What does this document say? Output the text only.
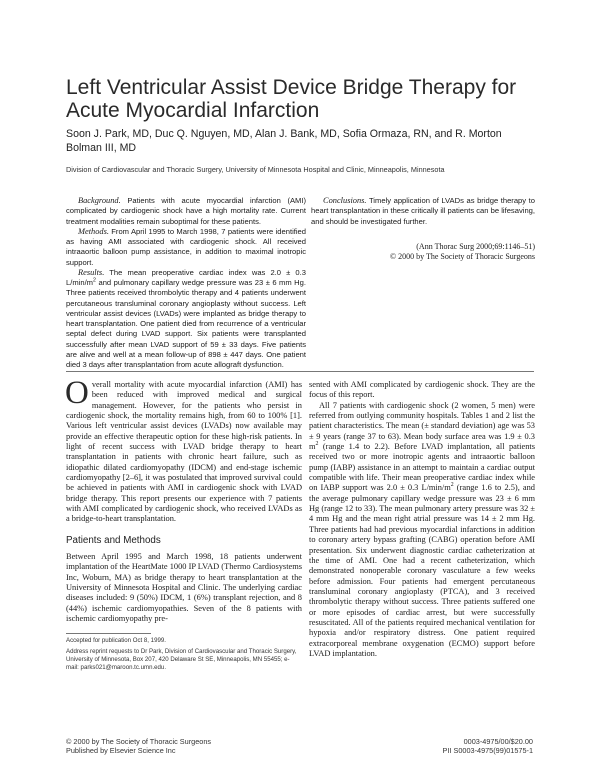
Left Ventricular Assist Device Bridge Therapy for Acute Myocardial Infarction
Soon J. Park, MD, Duc Q. Nguyen, MD, Alan J. Bank, MD, Sofia Ormaza, RN, and R. Morton Bolman III, MD
Division of Cardiovascular and Thoracic Surgery, University of Minnesota Hospital and Clinic, Minneapolis, Minnesota

Background. Patients with acute myocardial infarction (AMI) complicated by cardiogenic shock have a high mortality rate. Current treatment modalities remain suboptimal for these patients.

Methods. From April 1995 to March 1998, 7 patients were identified as having AMI associated with cardiogenic shock. All received intraaortic balloon pump assistance, in addition to maximal inotropic support.

Results. The mean preoperative cardiac index was 2.0 ± 0.3 $L/\min/m^2$ and pulmonary capillary wedge pressure was 23 ± 6 mm Hg. Three patients received thrombolytic therapy and 4 patients underwent percutaneous transluminal coronary angioplasty without success. Left ventricular assist devices (LVADs) were implanted as bridge therapy to heart transplantation. One patient died from recurrence of a ventricular septal defect during LVAD support. Six patients were transplanted successfully after mean LVAD support of 59 ± 33 days. Five patients are alive and well at a mean follow-up of 898 ± 447 days. One patient died 3 days after transplantation from acute allograft dysfunction.

Conclusions. Timely application of LVADs as bridge therapy to heart transplantation in these critically ill patients can be lifesaving, and should be investigated further.

(Ann Thorac Surg 2000;69:1146–51)

© 2000 by The Society of Thoracic Surgeons

Overall mortality with acute myocardial infarction (AMI) has been reduced with improved medical and surgical management. However, for the patients who persist in cardiogenic shock, the mortality remains high, from 60 to 100% [1]. Various left ventricular assist devices (LVADs) now available may provide an effective therapeutic option for these high-risk patients. In light of recent success with LVAD bridge therapy to heart transplantation in patients with chronic heart failure, such as idiopathic dilated cardiomyopathy (IDCM) and end-stage ischemic cardiomyopathy [2–6], it was postulated that improved survival could be achieved in patients with AMI in cardiogenic shock with LVAD bridge therapy. This report presents our experience with 7 patients with AMI complicated by cardiogenic shock, who received LVADs as a bridge-to-heart transplantation.

Patients and Methods

Between April 1995 and March 1998, 18 patients underwent implantation of the HeartMate 1000 IP LVAD (Thermo Cardiosystems Inc, Woburn, MA) as bridge therapy to heart transplantation at the University of Minnesota Hospital and Clinic. The underlying cardiac diseases included: 9 (50%) IDCM, 1 (6%) transplant rejection, and 8 (44%) ischemic cardiomyopathies. Seven of the 8 patients with ischemic cardiomyopathy pre-

Accepted for publication Oct 8, 1999.

Address reprint requests to Dr Park, Division of Cardiovascular and Thoracic Surgery, University of Minnesota, Box 207, 420 Delaware St SE, Minneapolis, MN 55455; e-mail: parks021@maroon.tc.umn.edu.

sented with AMI complicated by cardiogenic shock. They are the focus of this report.

All 7 patients with cardiogenic shock (2 women, 5 men) were referred from outlying community hospitals. Tables 1 and 2 list the patient characteristics. The mean (± standard deviation) age was 53 ± 9 years (range 37 to 63). Mean body surface area was 1.9 ± 0.3 $m^2$ (range 1.4 to 2.2). Before LVAD implantation, all patients received two or more inotropic agents and intraaortic balloon pump (IABP) assistance in an attempt to maintain a cardiac output compatible with life. Their mean preoperative cardiac index while on IABP support was 2.0 ± 0.3 $L/\min/m^2$ (range 1.6 to 2.5), and the average pulmonary capillary wedge pressure was 23 ± 6 mm Hg (range 12 to 33). The mean pulmonary artery pressure was 32 ± 4 mm Hg and the mean right atrial pressure was 14 ± 2 mm Hg. Three patients had had previous myocardial infarctions in addition to coronary artery bypass grafting (CABG) operation before AMI presentation. Six underwent diagnostic cardiac catheterization at the time of AMI. One had a recent catheterization, which demonstrated nonoperable coronary vasculature a few weeks before admission. Four patients had emergent percutaneous transluminal coronary angioplasty (PTCA), and 3 received thrombolytic therapy without success. Three patients suffered one or more episodes of cardiac arrest, but were successfully resuscitated. All of the patients required mechanical ventilation for hypoxia and/or respiratory distress. One patient required extracorporeal membrane oxygenation (ECMO) support before LVAD implantation.

© 2000 by The Society of Thoracic Surgeons
Published by Elsevier Science Inc
0003-4975/00/$20.00
PII S0003-4975(99)01575-1
